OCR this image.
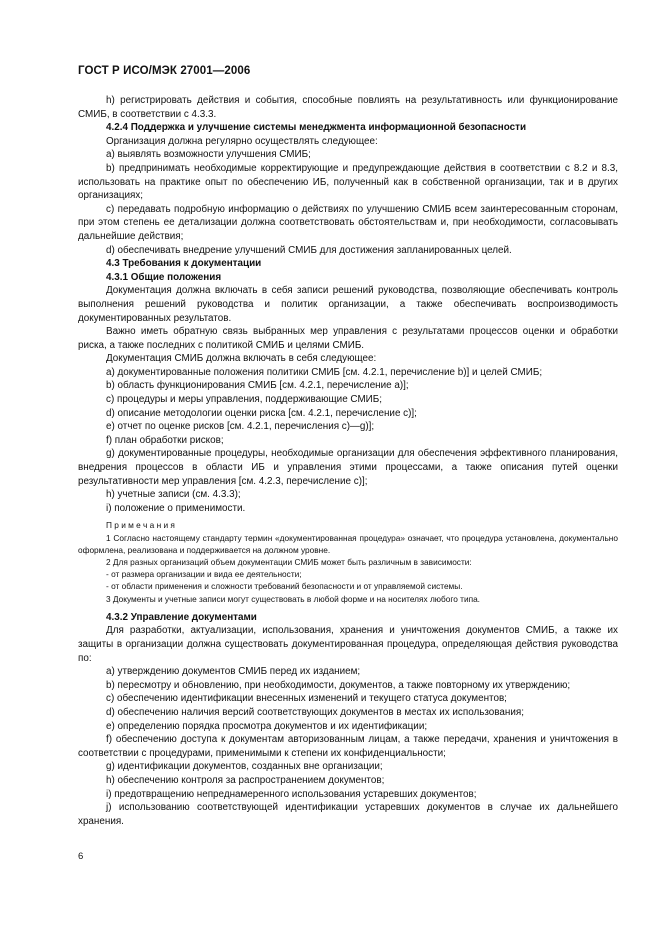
ГОСТ Р ИСО/МЭК 27001—2006

h) регистрировать действия и события, способные повлиять на результативность или функционирование СМИБ, в соответствии с 4.3.3.

4.2.4 Поддержка и улучшение системы менеджмента информационной безопасности

Организация должна регулярно осуществлять следующее:

a) выявлять возможности улучшения СМИБ;

b) предпринимать необходимые корректирующие и предупреждающие действия в соответствии с 8.2 и 8.3, использовать на практике опыт по обеспечению ИБ, полученный как в собственной организации, так и в других организациях;

c) передавать подробную информацию о действиях по улучшению СМИБ всем заинтересованным сторонам, при этом степень ее детализации должна соответствовать обстоятельствам и, при необходимости, согласовывать дальнейшие действия;

d) обеспечивать внедрение улучшений СМИБ для достижения запланированных целей.

4.3 Требования к документации

4.3.1 Общие положения

Документация должна включать в себя записи решений руководства, позволяющие обеспечивать контроль выполнения решений руководства и политик организации, а также обеспечивать воспроизводимость документированных результатов.

Важно иметь обратную связь выбранных мер управления с результатами процессов оценки и обработки риска, а также последних с политикой СМИБ и целями СМИБ.

Документация СМИБ должна включать в себя следующее:

a) документированные положения политики СМИБ [см. 4.2.1, перечисление b)] и целей СМИБ;

b) область функционирования СМИБ [см. 4.2.1, перечисление а)];

c) процедуры и меры управления, поддерживающие СМИБ;

d) описание методологии оценки риска [см. 4.2.1, перечисление с)];

e) отчет по оценке рисков [см. 4.2.1, перечисления с)—g)];

f) план обработки рисков;

g) документированные процедуры, необходимые организации для обеспечения эффективного планирования, внедрения процессов в области ИБ и управления этими процессами, а также описания путей оценки результативности мер управления [см. 4.2.3, перечисление с)];

h) учетные записи (см. 4.3.3);

i) положение о применимости.

П р и м е ч а н и я

1 Согласно настоящему стандарту термин «документированная процедура» означает, что процедура установлена, документально оформлена, реализована и поддерживается на должном уровне.

2 Для разных организаций объем документации СМИБ может быть различным в зависимости:

- от размера организации и вида ее деятельности;

- от области применения и сложности требований безопасности и от управляемой системы.

3 Документы и учетные записи могут существовать в любой форме и на носителях любого типа.

4.3.2 Управление документами

Для разработки, актуализации, использования, хранения и уничтожения документов СМИБ, а также их защиты в организации должна существовать документированная процедура, определяющая действия руководства по:

a) утверждению документов СМИБ перед их изданием;

b) пересмотру и обновлению, при необходимости, документов, а также повторному их утверждению;

c) обеспечению идентификации внесенных изменений и текущего статуса документов;

d) обеспечению наличия версий соответствующих документов в местах их использования;

e) определению порядка просмотра документов и их идентификации;

f) обеспечению доступа к документам авторизованным лицам, а также передачи, хранения и уничтожения в соответствии с процедурами, применимыми к степени их конфиденциальности;

g) идентификации документов, созданных вне организации;

h) обеспечению контроля за распространением документов;

i) предотвращению непреднамеренного использования устаревших документов;

j) использованию соответствующей идентификации устаревших документов в случае их дальнейшего хранения.

6
